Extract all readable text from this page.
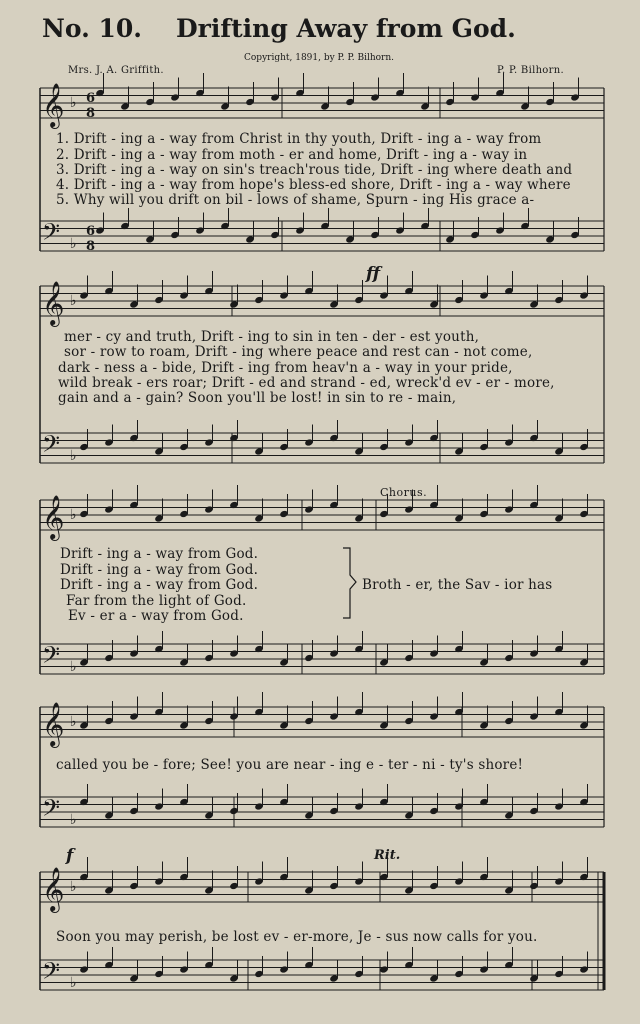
No. 10. Drifting Away from God.
Copyright, 1891, by P. P. Bilhorn.
Mrs. J. A. Griffith.	P. P. Bilhorn.
𝄞 ♭ 6
8
𝄢 ♭
6
8
𝄞 ♭
𝄢 ♭
𝄞 ♭
𝄢 ♭
𝄞 ♭
𝄢 ♭
𝄞 ♭
𝄢 ♭
1. Drift - ing a - way from Christ in thy youth, Drift - ing a - way from
2. Drift - ing a - way from moth - er and home, Drift - ing a - way in
3. Drift - ing a - way on sin's treach'rous tide, Drift - ing where death and
4. Drift - ing a - way from hope's bless-ed shore, Drift - ing a - way where
5. Why will you drift on bil - lows of shame, Spurn - ing His grace a-
ff
mer - cy and truth, Drift - ing to sin in ten - der - est youth,
sor - row to roam, Drift - ing where peace and rest can - not come,
dark - ness a - bide, Drift - ing from heav'n a - way in your pride,
wild break - ers roar; Drift - ed and strand - ed, wreck'd ev - er - more,
gain and a - gain? Soon you'll be lost! in sin to re - main,
Chorus.
Drift - ing a - way from God.
Drift - ing a - way from God.
Drift - ing a - way from God.
Far from the light of God.
Ev - er a - way from God.
Broth - er, the Sav - ior has
called you be - fore; See! you are near - ing e - ter - ni - ty's shore!
f	Rit.
Soon you may perish, be lost ev - er-more, Je - sus now calls for you.
